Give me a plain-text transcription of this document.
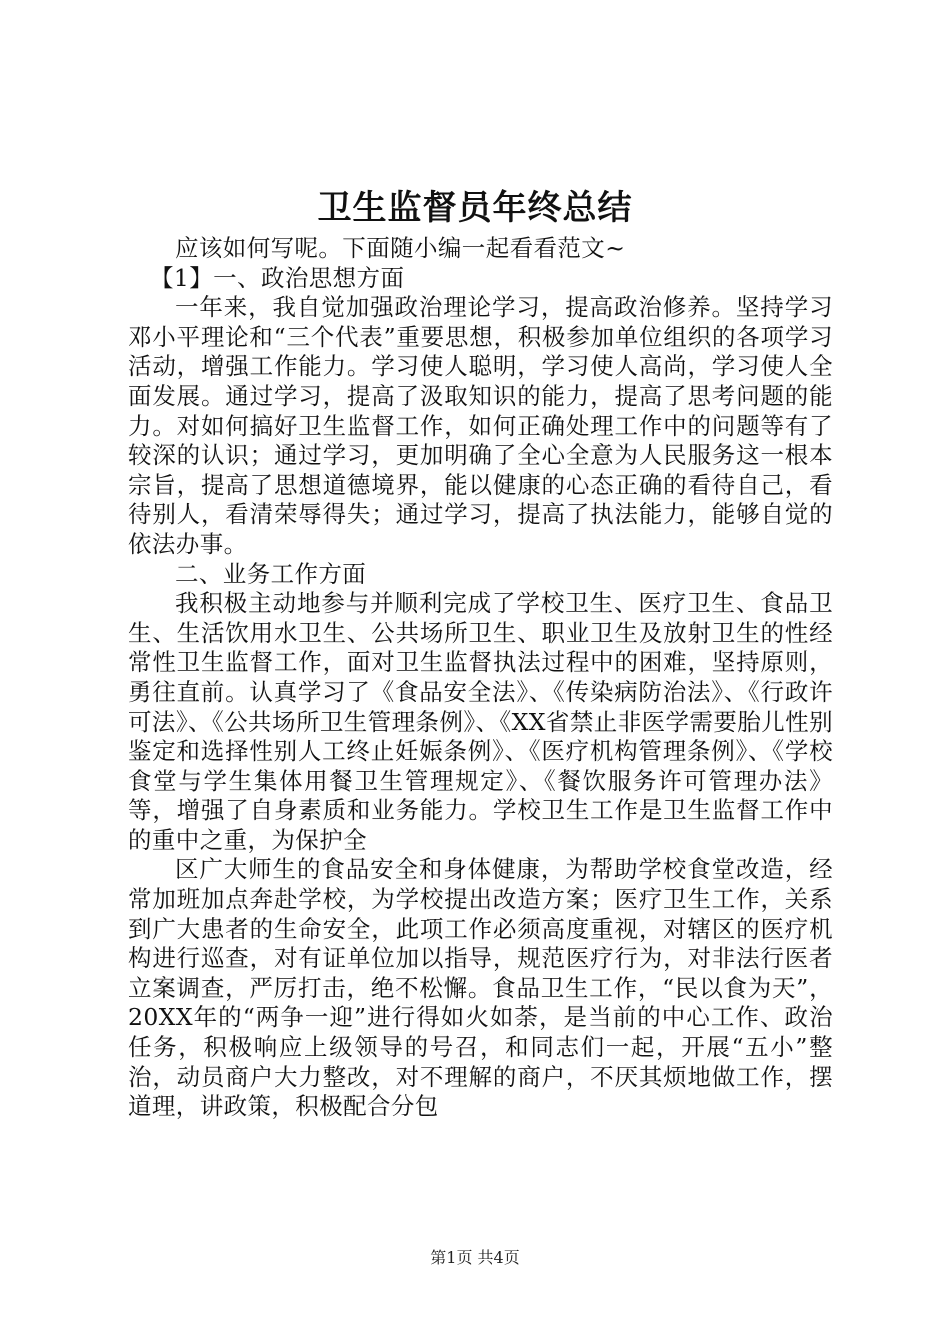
卫生监督员年终总结

应该如何写呢。下面随小编一起看看范文~

【1】一、政治思想方面

一年来，我自觉加强政治理论学习，提高政治修养。坚持学习邓小平理论和“三个代表”重要思想，积极参加单位组织的各项学习活动，增强工作能力。学习使人聪明，学习使人高尚，学习使人全面发展。通过学习，提高了汲取知识的能力，提高了思考问题的能力。对如何搞好卫生监督工作，如何正确处理工作中的问题等有了较深的认识；通过学习，更加明确了全心全意为人民服务这一根本宗旨，提高了思想道德境界，能以健康的心态正确的看待自己，看待别人，看清荣辱得失；通过学习，提高了执法能力，能够自觉的依法办事。

二、业务工作方面

我积极主动地参与并顺利完成了学校卫生、医疗卫生、食品卫生、生活饮用水卫生、公共场所卫生、职业卫生及放射卫生的性经常性卫生监督工作，面对卫生监督执法过程中的困难，坚持原则，勇往直前。认真学习了《食品安全法》、《传染病防治法》、《行政许可法》、《公共场所卫生管理条例》、《XX省禁止非医学需要胎儿性别鉴定和选择性别人工终止妊娠条例》、《医疗机构管理条例》、《学校食堂与学生集体用餐卫生管理规定》、《餐饮服务许可管理办法》等，增强了自身素质和业务能力。学校卫生工作是卫生监督工作中的重中之重，为保护全

区广大师生的食品安全和身体健康，为帮助学校食堂改造，经常加班加点奔赴学校，为学校提出改造方案；医疗卫生工作，关系到广大患者的生命安全，此项工作必须高度重视，对辖区的医疗机构进行巡查，对有证单位加以指导，规范医疗行为，对非法行医者立案调查，严厉打击，绝不松懈。食品卫生工作，“民以食为天”，20XX年的“两争一迎”进行得如火如荼，是当前的中心工作、政治任务，积极响应上级领导的号召，和同志们一起，开展“五小”整治，动员商户大力整改，对不理解的商户，不厌其烦地做工作，摆道理，讲政策，积极配合分包

第1页 共4页
